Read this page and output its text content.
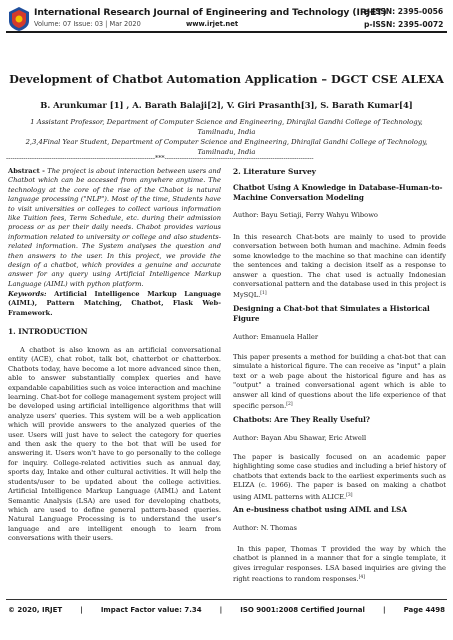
International Research Journal of Engineering and Technology (IRJET)
e-ISSN: 2395-0056
Volume: 07 Issue: 03 | Mar 2020	www.irjet.net	p-ISSN: 2395-0072
Development of Chatbot Automation Application – DGCT CSE ALEXA
B. Arunkumar [1] , A. Barath Balaji[2], V. Giri Prasanth[3], S. Barath Kumar[4]
1 Assistant Professor, Department of Computer Science and Engineering, Dhirajlal Gandhi College of Technology,
Tamilnadu, India
2,3,4Final Year Student, Department of Computer Science and Engineering, Dhirajlal Gandhi College of Technology,
Tamilnadu, India
---------------------------------------------------------------------***---------------------------------------------------------------------
Abstract - The project is about interaction between users and Chatbot which can be accessed from anywhere anytime. The technology at the core of the rise of the Chabot is natural language processing ("NLP"). Most of the time, Students have to visit universities or colleges to collect various information like Tuition fees, Term Schedule, etc. during their admission process or as per their daily needs. Chabot provides various information related to university or college and also students-related information. The System analyses the question and then answers to the user. In this project, we provide the design of a chatbot, which provides a genuine and accurate answer for any query using Artificial Intelligence Markup Language (AIML) with python platform.
Keywords: Artificial Intelligence Markup Language (AIML), Pattern Matching, Chatbot, Flask Web-Framework.
1. INTRODUCTION
A chatbot is also known as an artificial conversational entity (ACE), chat robot, talk bot, chatterbot or chatterbox. Chatbots today, have become a lot more advanced since then, able to answer substantially complex queries and have expandable capabilities such as voice interaction and machine learning. Chat-bot for college management system project will be developed using artificial intelligence algorithms that will analyze users' queries. This system will be a web application which will provide answers to the analyzed queries of the user. Users will just have to select the category for queries and then ask the query to the bot that will be used for answering it. Users won't have to go personally to the college for inquiry. College-related activities such as annual day, sports day, Intake and other cultural activities. It will help the students/user to be updated about the college activities. Artificial Intelligence Markup Language (AIML) and Latent Semantic Analysis (LSA) are used for developing chatbots, which are used to define general pattern-based queries. Natural Language Processing is to understand the user's language and are intelligent enough to learn from conversations with their users.
2. Literature Survey
Chatbot Using A Knowledge in Database-Human-to-Machine Conversation Modeling
Author: Bayu Setiaji, Ferry Wahyu Wibowo
In this research Chat-bots are mainly to used to provide conversation between both human and machine. Admin feeds some knowledge to the machine so that machine can identify the sentences and taking a decision itself as a response to answer a question. The chat used is actually Indonesian conversational pattern and the database used in this project is MySQL.[1]
Designing a Chat-bot that Simulates a Historical Figure
Author: Emanuela Haller
This paper presents a method for building a chat-bot that can simulate a historical figure. The can receive as "input" a plain text or a web page about the historical figure and has as "output" a trained conversational agent which is able to answer all kind of questions about the life experience of that specific person.[2]
Chatbots: Are They Really Useful?
Author: Bayan Abu Shawar, Eric Atwell
The paper is basically focused on an academic paper highlighting some case studies and including a brief history of chatbots that extends back to the earliest experiments such as ELIZA (c. 1966). The paper is based on making a chatbot using AIML patterns with ALICE.[3]
An e-business chatbot using AIML and LSA
Author: N. Thomas
In this paper, Thomas T provided the way by which the chatbot is planned in a manner that for a single template, it gives irregular responses. LSA based inquiries are giving the right reactions to random responses.[4]
© 2020, IRJET	|	Impact Factor value: 7.34	|	ISO 9001:2008 Certified Journal	|	Page 4498
